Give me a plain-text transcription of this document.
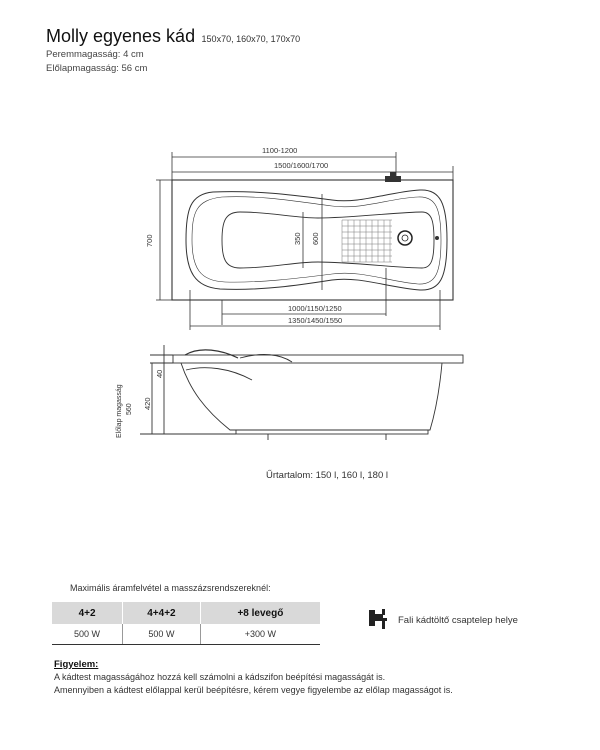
Molly egyenes kád 150x70, 160x70, 170x70
Peremmagasság: 4 cm
Előlapmagasság: 56 cm
1100-1200
1500/1600/1700
700	350 600
1000/1150/1250
1350/1450/1550
40
420
Előlap magasság 560
Űrtartalom: 150 l, 160 l, 180 l
Maximális áramfelvétel a masszázsrendszereknél:
4+2	4+4+2	+8 levegő
500 W	500 W	+300 W
Fali kádtöltő csaptelep helye
Figyelem:
A kádtest magasságához hozzá kell számolni a kádszifon beépítési magasságát is.
Amennyiben a kádtest előlappal kerül beépítésre, kérem vegye figyelembe az előlap magasságot is.
